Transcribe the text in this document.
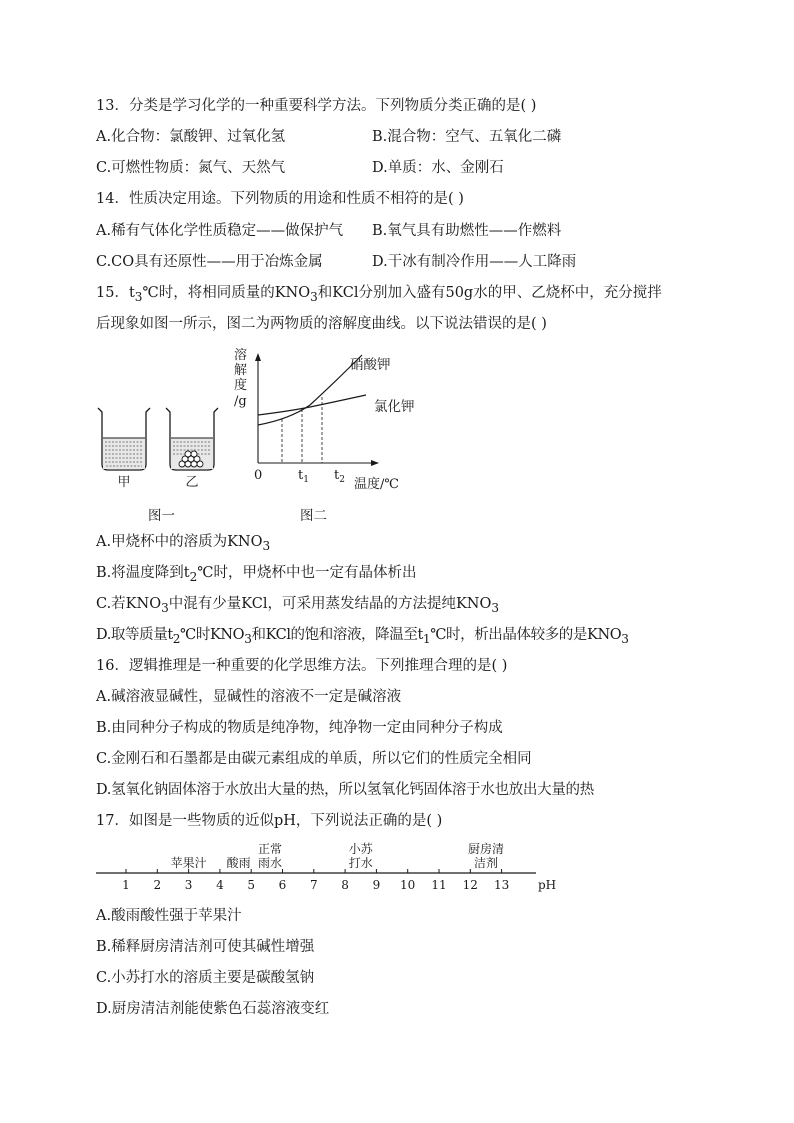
13．分类是学习化学的一种重要科学方法。下列物质分类正确的是( )
A.化合物：氯酸钾、过氧化氢	B.混合物：空气、五氧化二磷
C.可燃性物质：氮气、天然气	D.单质：水、金刚石
14．性质决定用途。下列物质的用途和性质不相符的是( )
A.稀有气体化学性质稳定——做保护气 B.氧气具有助燃性——作燃料
C.CO具有还原性——用于冶炼金属	D.干冰有制冷作用——人工降雨
15．$t_3℃$时，将相同质量的$KNO_3$和KCl分别加入盛有50g水的甲、乙烧杯中，充分搅拌
后现象如图一所示，图二为两物质的溶解度曲线。以下说法错误的是( )
甲	乙
图一
溶
解
度
/g
硝酸钾
氯化钾
0	$t_1$ $t_2$ 温度/℃
图二
A.甲烧杯中的溶质为$KNO_3$
B.将温度降到$t_2℃$时，甲烧杯中也一定有晶体析出
C.若$KNO_3$中混有少量KCl，可采用蒸发结晶的方法提纯$KNO_3$
D.取等质量$t_2℃$时$KNO_3$和KCl的饱和溶液，降温至$t_1℃$时，析出晶体较多的是$KNO_3$
16．逻辑推理是一种重要的化学思维方法。下列推理合理的是( )
A.碱溶液显碱性，显碱性的溶液不一定是碱溶液
B.由同种分子构成的物质是纯净物，纯净物一定由同种分子构成
C.金刚石和石墨都是由碳元素组成的单质，所以它们的性质完全相同
D.氢氧化钠固体溶于水放出大量的热，所以氢氧化钙固体溶于水也放出大量的热
17．如图是一些物质的近似pH，下列说法正确的是( )
pH
1 2 3 4 5 6 7 8 9 10 11 12 13
苹果汁 酸雨
正常
雨水
小苏
打水
厨房清
洁剂
A.酸雨酸性强于苹果汁
B.稀释厨房清洁剂可使其碱性增强
C.小苏打水的溶质主要是碳酸氢钠
D.厨房清洁剂能使紫色石蕊溶液变红
